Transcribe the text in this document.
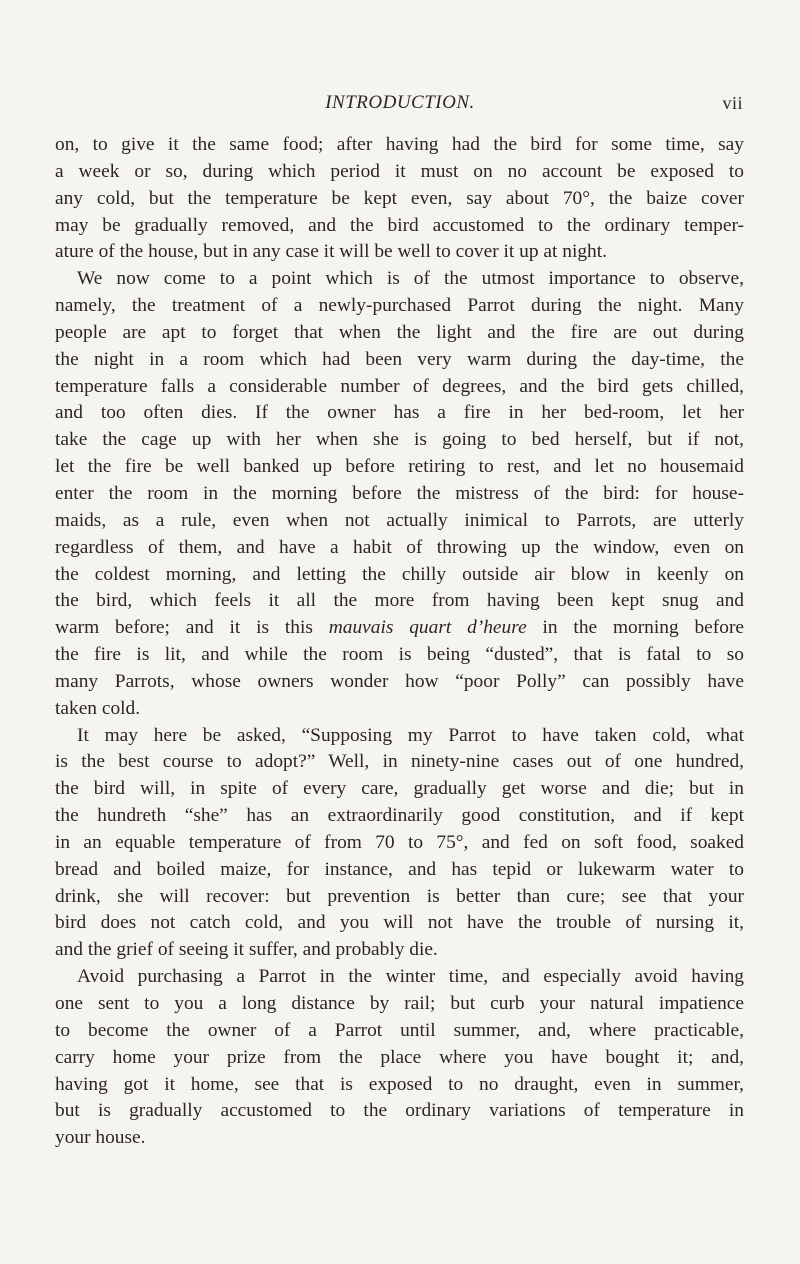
INTRODUCTION.	vii
on, to give it the same food; after having had the bird for some time, say
a week or so, during which period it must on no account be exposed to
any cold, but the temperature be kept even, say about 70°, the baize cover
may be gradually removed, and the bird accustomed to the ordinary temper-
ature of the house, but in any case it will be well to cover it up at night.
We now come to a point which is of the utmost importance to observe,
namely, the treatment of a newly-purchased Parrot during the night. Many
people are apt to forget that when the light and the fire are out during
the night in a room which had been very warm during the day-time, the
temperature falls a considerable number of degrees, and the bird gets chilled,
and too often dies. If the owner has a fire in her bed-room, let her
take the cage up with her when she is going to bed herself, but if not,
let the fire be well banked up before retiring to rest, and let no housemaid
enter the room in the morning before the mistress of the bird: for house-
maids, as a rule, even when not actually inimical to Parrots, are utterly
regardless of them, and have a habit of throwing up the window, even on
the coldest morning, and letting the chilly outside air blow in keenly on
the bird, which feels it all the more from having been kept snug and
warm before; and it is this mauvais quart d’heure in the morning before
the fire is lit, and while the room is being “dusted”, that is fatal to so
many Parrots, whose owners wonder how “poor Polly” can possibly have
taken cold.
It may here be asked, “Supposing my Parrot to have taken cold, what
is the best course to adopt?” Well, in ninety-nine cases out of one hundred,
the bird will, in spite of every care, gradually get worse and die; but in
the hundreth “she” has an extraordinarily good constitution, and if kept
in an equable temperature of from 70 to 75°, and fed on soft food, soaked
bread and boiled maize, for instance, and has tepid or lukewarm water to
drink, she will recover: but prevention is better than cure; see that your
bird does not catch cold, and you will not have the trouble of nursing it,
and the grief of seeing it suffer, and probably die.
Avoid purchasing a Parrot in the winter time, and especially avoid having
one sent to you a long distance by rail; but curb your natural impatience
to become the owner of a Parrot until summer, and, where practicable,
carry home your prize from the place where you have bought it; and,
having got it home, see that is exposed to no draught, even in summer,
but is gradually accustomed to the ordinary variations of temperature in
your house.
